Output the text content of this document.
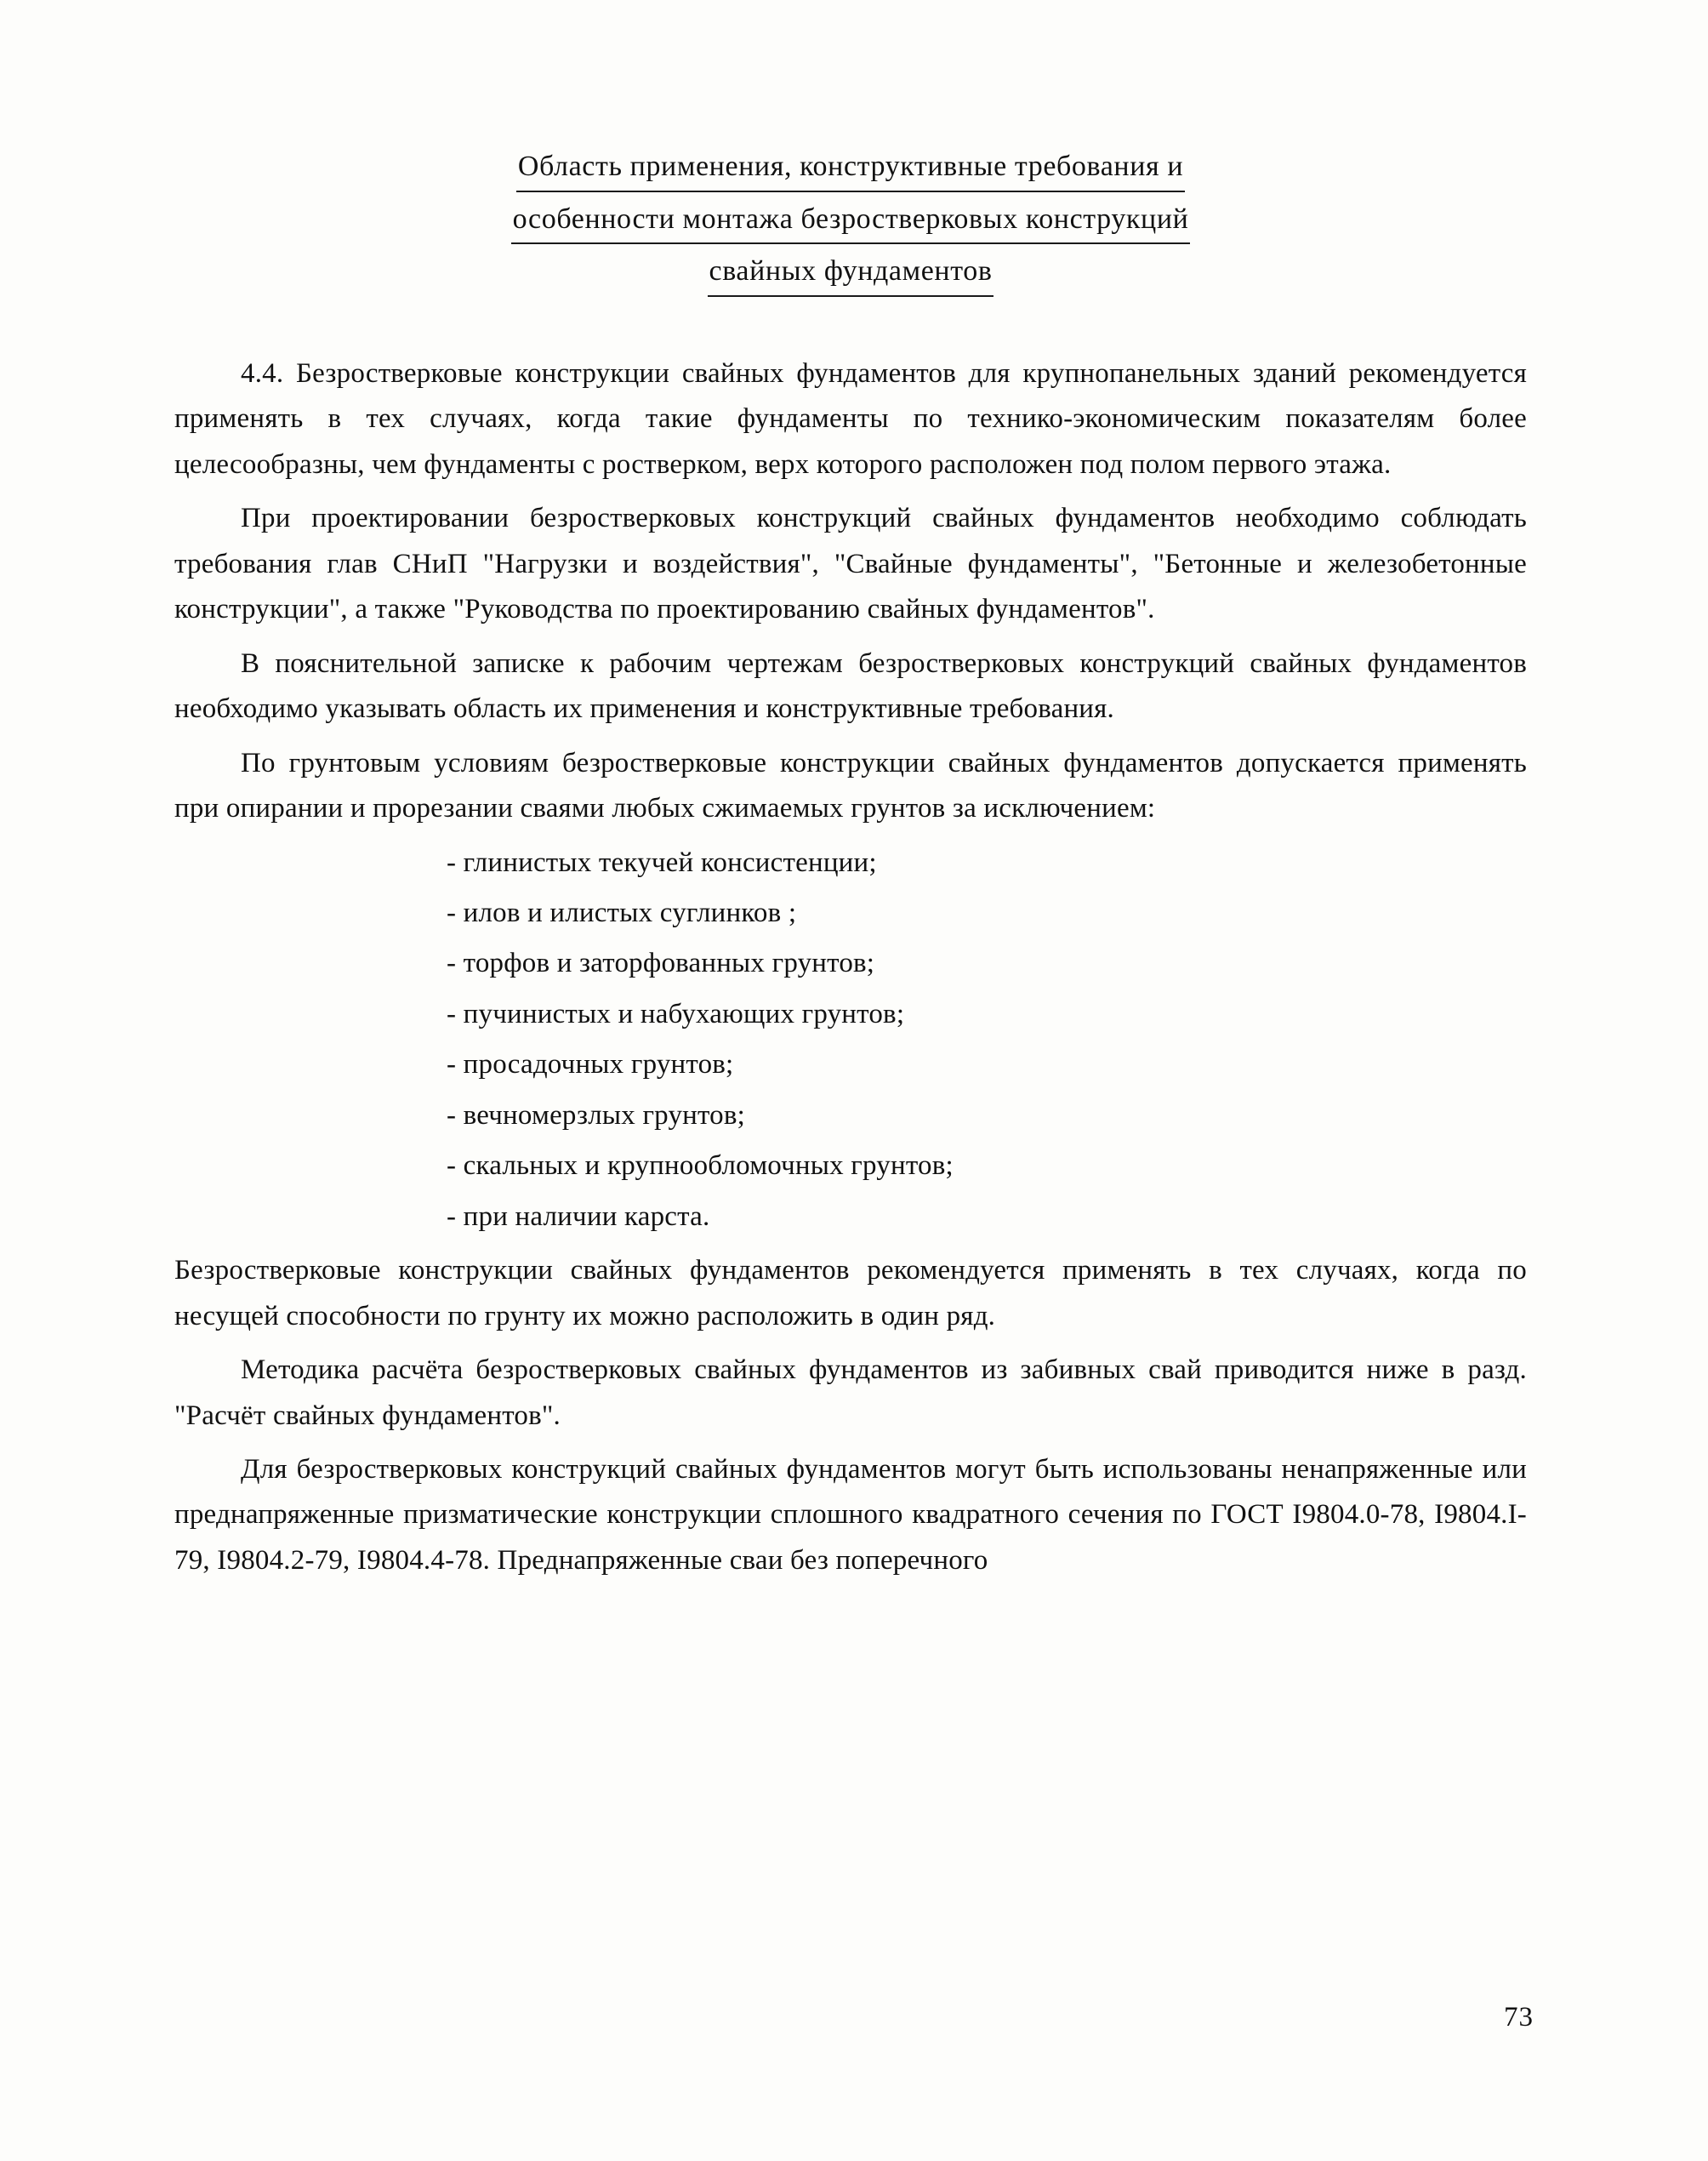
Область применения, конструктивные требования и
особенности монтажа безростверковых конструкций
свайных фундаментов

4.4. Безростверковые конструкции свайных фундаментов для крупнопанельных зданий рекомендуется применять в тех случаях, когда такие фундаменты по технико-экономическим показателям более целесообразны, чем фундаменты с ростверком, верх которого расположен под полом первого этажа.

При проектировании безростверковых конструкций свайных фундаментов необходимо соблюдать требования глав СНиП "Нагрузки и воздействия", "Свайные фундаменты", "Бетонные и железобетонные конструкции", а также "Руководства по проектированию свайных фундаментов".

В пояснительной записке к рабочим чертежам безростверковых конструкций свайных фундаментов необходимо указывать область их применения и конструктивные требования.

По грунтовым условиям безростверковые конструкции свайных фундаментов допускается применять при опирании и прорезании сваями любых сжимаемых грунтов за исключением:

- глинистых текучей консистенции;
- илов и илистых суглинков ;
- торфов и заторфованных грунтов;
- пучинистых и набухающих грунтов;
- просадочных грунтов;
- вечномерзлых грунтов;
- скальных и крупнообломочных грунтов;
- при наличии карста.

Безростверковые конструкции свайных фундаментов рекомендуется применять в тех случаях, когда по несущей способности по грунту их можно расположить в один ряд.

Методика расчёта безростверковых свайных фундаментов из забивных свай приводится ниже в разд. "Расчёт свайных фундаментов".

Для безростверковых конструкций свайных фундаментов могут быть использованы ненапряженные или преднапряженные призматические конструкции сплошного квадратного сечения по ГОСТ I9804.0-78, I9804.I-79, I9804.2-79, I9804.4-78. Преднапряженные сваи без поперечного

73
